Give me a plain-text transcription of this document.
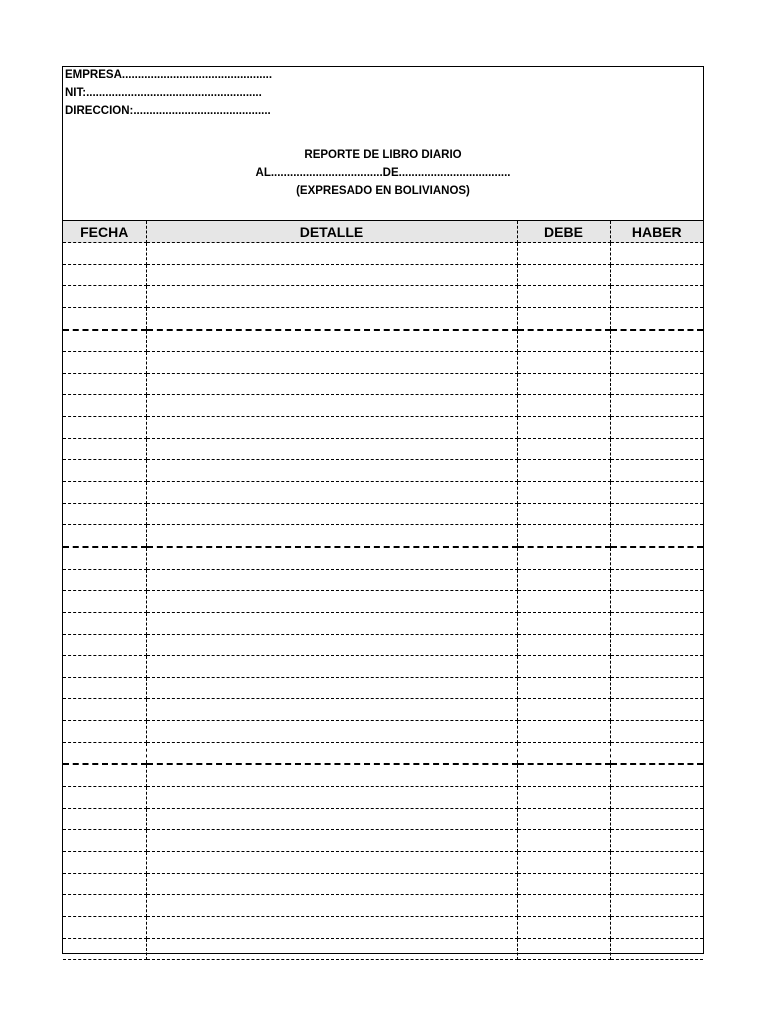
EMPRESA...............................................
NIT:.......................................................
DIRECCION:...........................................
REPORTE DE LIBRO DIARIO
AL...................................DE...................................
(EXPRESADO EN BOLIVIANOS)
FECHA	DETALLE	DEBE	HABER
